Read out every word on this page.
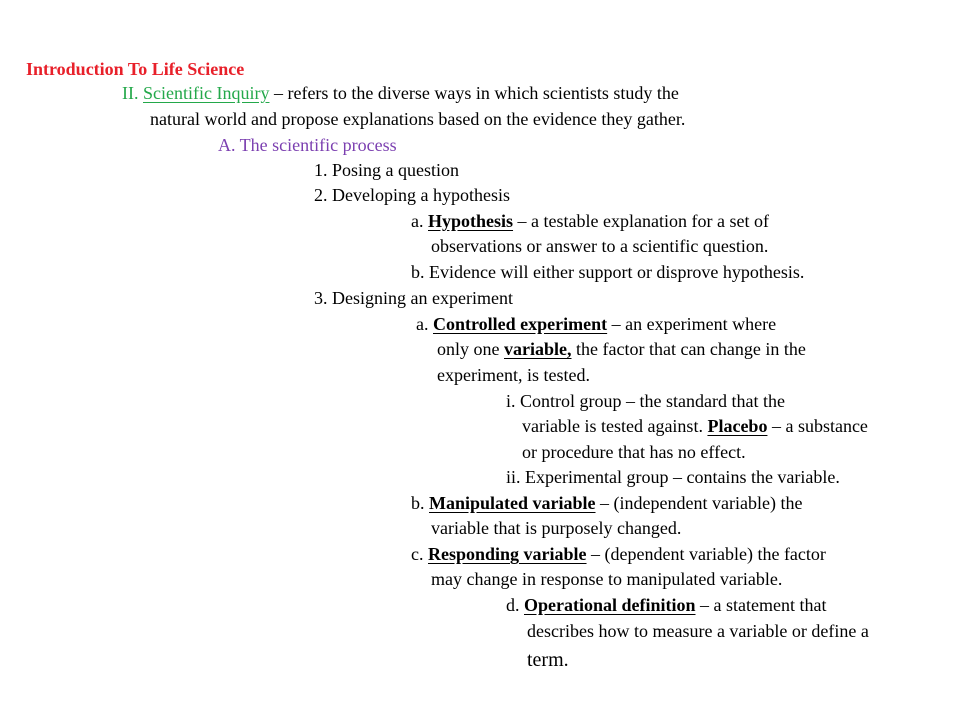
Introduction To Life Science
II. Scientific Inquiry – refers to the diverse ways in which scientists study the
natural world and propose explanations based on the evidence they gather.
A. The scientific process
1. Posing a question
2. Developing a hypothesis
a. Hypothesis – a testable explanation for a set of
observations or answer to a scientific question.
b. Evidence will either support or disprove hypothesis.
3. Designing an experiment
a. Controlled experiment – an experiment where
only one variable, the factor that can change in the
experiment, is tested.
i. Control group – the standard that the
variable is tested against. Placebo – a substance
or procedure that has no effect.
ii. Experimental group – contains the variable.
b. Manipulated variable – (independent variable) the
variable that is purposely changed.
c. Responding variable – (dependent variable) the factor
may change in response to manipulated variable.
d. Operational definition – a statement that
describes how to measure a variable or define a
term.
